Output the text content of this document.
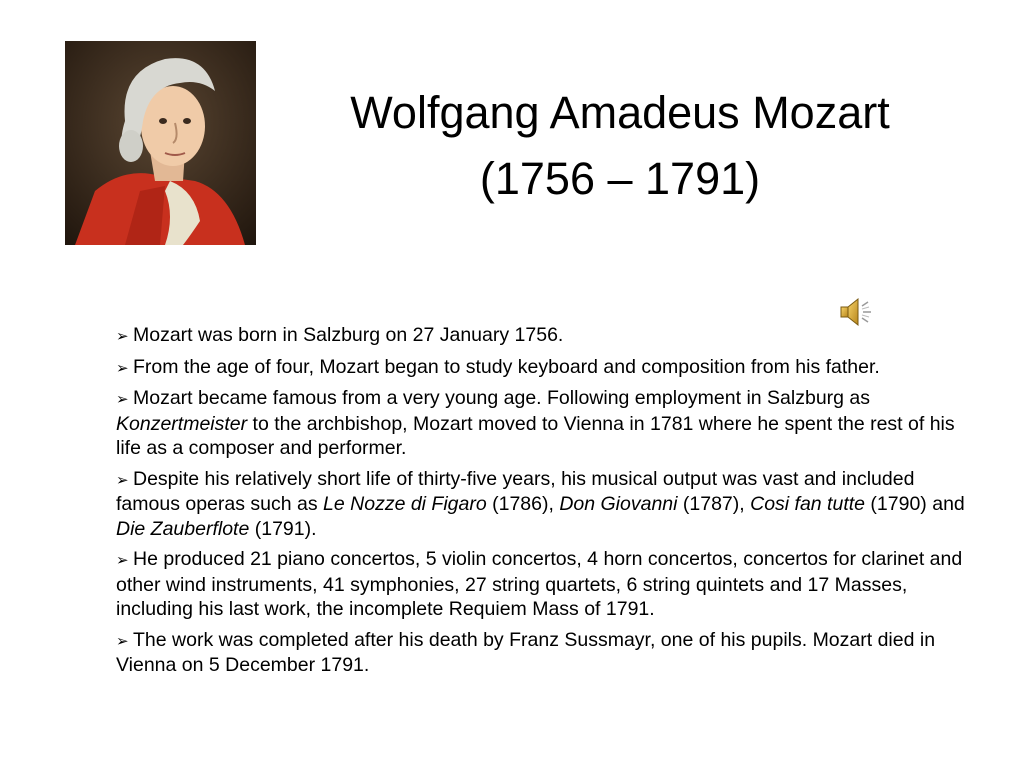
Wolfgang Amadeus Mozart
(1756 – 1791)
➢ Mozart was born in Salzburg on 27 January 1756.
➢ From the age of four, Mozart began to study keyboard and composition from his father.
➢ Mozart became famous from a very young age. Following employment in Salzburg as Konzertmeister to the archbishop, Mozart moved to Vienna in 1781 where he spent the rest of his life as a composer and performer.
➢ Despite his relatively short life of thirty-five years, his musical output was vast and included famous operas such as Le Nozze di Figaro (1786), Don Giovanni (1787), Cosi fan tutte (1790) and Die Zauberflote (1791).
➢ He produced 21 piano concertos, 5 violin concertos, 4 horn concertos, concertos for clarinet and other wind instruments, 41 symphonies, 27 string quartets, 6 string quintets and 17 Masses, including his last work, the incomplete Requiem Mass of 1791.
➢ The work was completed after his death by Franz Sussmayr, one of his pupils. Mozart died in Vienna on 5 December 1791.
